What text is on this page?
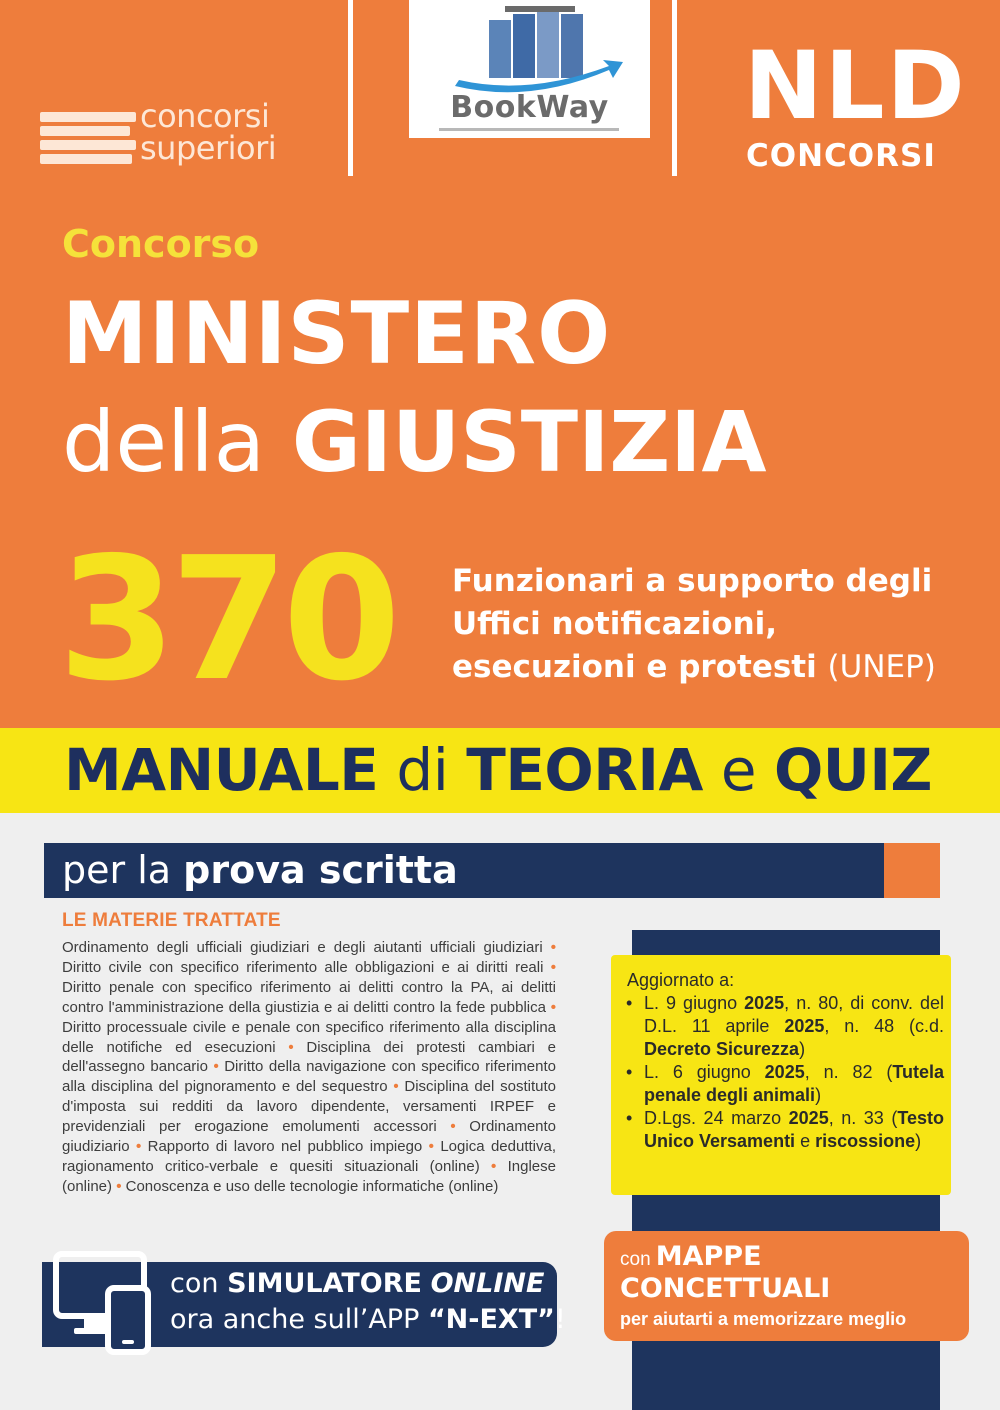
concorsi
superiori
BookWay	NLD
CONCORSI
Concorso
MINISTERO
della GIUSTIZIA
370 Funzionari a supporto degli
Uffici notificazioni,
esecuzioni e protesti (UNEP)
MANUALE di TEORIA e QUIZ
per la prova scritta
LE MATERIE TRATTATE
Ordinamento degli ufficiali giudiziari e degli aiutanti ufficiali giudiziari • Diritto civile con specifico riferimento alle obbligazioni e ai diritti reali • Diritto penale con specifico riferimento ai delitti contro la PA, ai delitti contro l'amministrazione della giustizia e ai delitti contro la fede pubblica • Diritto processuale civile e penale con specifico riferimento alla disciplina delle notifiche ed esecuzioni • Disciplina dei protesti cambiari e dell'assegno bancario • Diritto della navigazione con specifico riferimento alla disciplina del pignoramento e del sequestro • Disciplina del sostituto d'imposta sui redditi da lavoro dipendente, versamenti IRPEF e previdenziali per erogazione emolumenti accessori • Ordinamento giudiziario • Rapporto di lavoro nel pubblico impiego • Logica deduttiva, ragionamento critico-verbale e quesiti situazionali (online) • Inglese (online) • Conoscenza e uso delle tecnologie informatiche (online)
Aggiornato a:
• L. 9 giugno 2025, n. 80, di conv. del D.L. 11 aprile 2025, n. 48 (c.d. Decreto Sicurezza)
• L. 6 giugno 2025, n. 82 (Tutela penale degli animali)
• D.Lgs. 24 marzo 2025, n. 33 (Testo Unico Versamenti e riscossione)
con MAPPE
CONCETTUALI
per aiutarti a memorizzare meglio
con SIMULATORE ONLINE
ora anche sull’APP “N-EXT”!
